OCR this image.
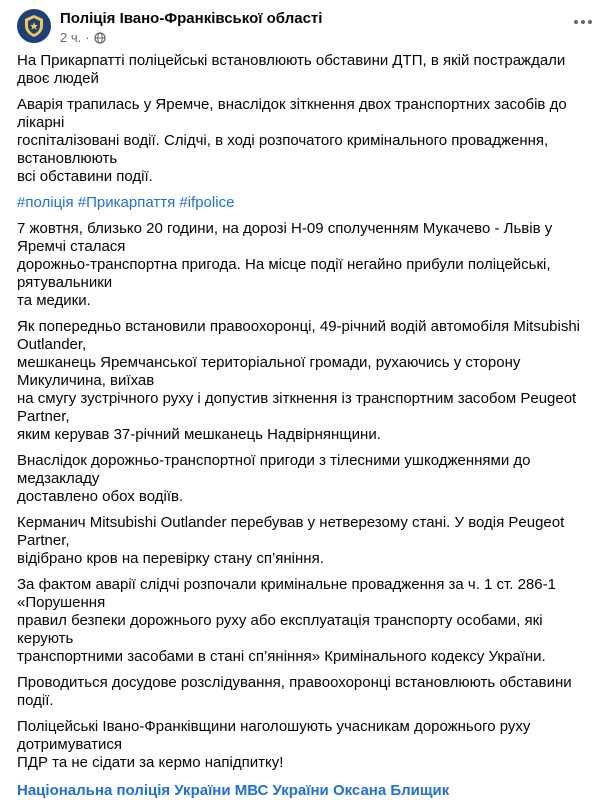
Поліція Івано-Франківської області
2 ч. ·

На Прикарпатті поліцейські встановлюють обставини ДТП, в якій постраждали двоє людей

Аварія трапилась у Яремче, внаслідок зіткнення двох транспортних засобів до лікарні
госпіталізовані водії. Слідчі, в ході розпочатого кримінального провадження, встановлюють
всі обставини події.

#поліція #Прикарпаття #ifpolice

7 жовтня, близько 20 години, на дорозі Н-09 сполученням Мукачево - Львів у Яремчі сталася
дорожньо-транспортна пригода. На місце події негайно прибули поліцейські, рятувальники
та медики.

Як попередньо встановили правоохоронці, 49-річний водій автомобіля Mitsubishi Outlander,
мешканець Яремчанської територіальної громади, рухаючись у сторону Микуличина, виїхав
на смугу зустрічного руху і допустив зіткнення із транспортним засобом Peugeot Partner,
яким керував 37-річний мешканець Надвірнянщини.

Внаслідок дорожньо-транспортної пригоди з тілесними ушкодженнями до медзакладу
доставлено обох водіїв.

Керманич Mitsubishi Outlander перебував у нетверезому стані. У водія Peugeot Partner,
відібрано кров на перевірку стану сп’яніння.

За фактом аварії слідчі розпочали кримінальне провадження за ч. 1 ст. 286-1 «Порушення
правил безпеки дорожнього руху або експлуатація транспорту особами, які керують
транспортними засобами в стані сп’яніння» Кримінального кодексу України.

Проводиться досудове розслідування, правоохоронці встановлюють обставини події.

Поліцейські Івано-Франківщини наголошують учасникам дорожнього руху дотримуватися
ПДР та не сідати за кермо напідпитку!

Національна поліція України МВС України Оксана Блищик
